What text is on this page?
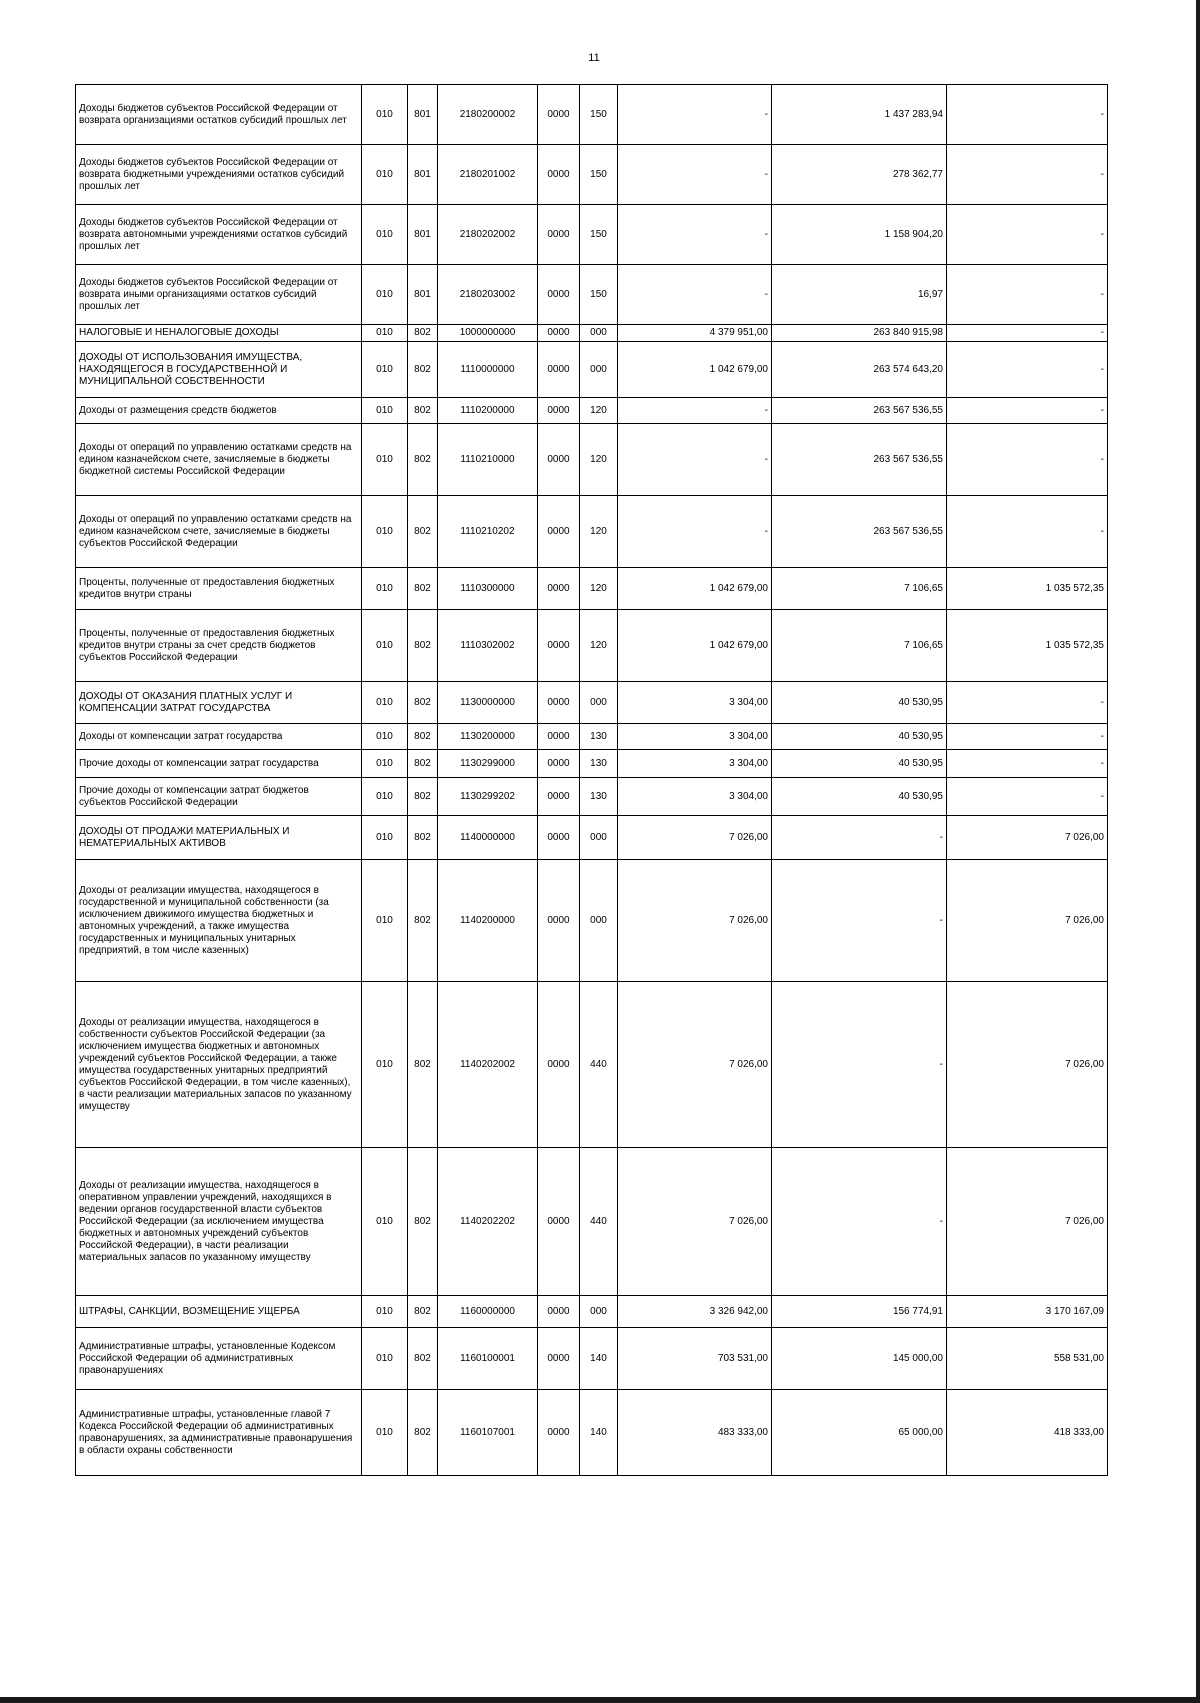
11
Доходы бюджетов субъектов Российской Федерации от возврата организациями остатков субсидий прошлых лет	010	801	2180200002	0000	150	-	1 437 283,94	-
Доходы бюджетов субъектов Российской Федерации от возврата бюджетными учреждениями остатков субсидий прошлых лет	010	801	2180201002	0000	150	-	278 362,77	-
Доходы бюджетов субъектов Российской Федерации от возврата автономными учреждениями остатков субсидий прошлых лет	010	801	2180202002	0000	150	-	1 158 904,20	-
Доходы бюджетов субъектов Российской Федерации от возврата иными организациями остатков субсидий прошлых лет	010	801	2180203002	0000	150	-	16,97	-
НАЛОГОВЫЕ И НЕНАЛОГОВЫЕ ДОХОДЫ	010	802	1000000000	0000	000	4 379 951,00	263 840 915,98	-
ДОХОДЫ ОТ ИСПОЛЬЗОВАНИЯ ИМУЩЕСТВА, НАХОДЯЩЕГОСЯ В ГОСУДАРСТВЕННОЙ И МУНИЦИПАЛЬНОЙ СОБСТВЕННОСТИ	010	802	1110000000	0000	000	1 042 679,00	263 574 643,20	-
Доходы от размещения средств бюджетов	010	802	1110200000	0000	120	-	263 567 536,55	-
Доходы от операций по управлению остатками средств на едином казначейском счете, зачисляемые в бюджеты бюджетной системы Российской Федерации	010	802	1110210000	0000	120	-	263 567 536,55	-
Доходы от операций по управлению остатками средств на едином казначейском счете, зачисляемые в бюджеты субъектов Российской Федерации	010	802	1110210202	0000	120	-	263 567 536,55	-
Проценты, полученные от предоставления бюджетных кредитов внутри страны	010	802	1110300000	0000	120	1 042 679,00	7 106,65	1 035 572,35
Проценты, полученные от предоставления бюджетных кредитов внутри страны за счет средств бюджетов субъектов Российской Федерации	010	802	1110302002	0000	120	1 042 679,00	7 106,65	1 035 572,35
ДОХОДЫ ОТ ОКАЗАНИЯ ПЛАТНЫХ УСЛУГ И КОМПЕНСАЦИИ ЗАТРАТ ГОСУДАРСТВА	010	802	1130000000	0000	000	3 304,00	40 530,95	-
Доходы от компенсации затрат государства	010	802	1130200000	0000	130	3 304,00	40 530,95	-
Прочие доходы от компенсации затрат государства	010	802	1130299000	0000	130	3 304,00	40 530,95	-
Прочие доходы от компенсации затрат бюджетов субъектов Российской Федерации	010	802	1130299202	0000	130	3 304,00	40 530,95	-
ДОХОДЫ ОТ ПРОДАЖИ МАТЕРИАЛЬНЫХ И НЕМАТЕРИАЛЬНЫХ АКТИВОВ	010	802	1140000000	0000	000	7 026,00	-	7 026,00
Доходы от реализации имущества, находящегося в государственной и муниципальной собственности (за исключением движимого имущества бюджетных и автономных учреждений, а также имущества государственных и муниципальных унитарных предприятий, в том числе казенных)	010	802	1140200000	0000	000	7 026,00	-	7 026,00
Доходы от реализации имущества, находящегося в собственности субъектов Российской Федерации (за исключением имущества бюджетных и автономных учреждений субъектов Российской Федерации, а также имущества государственных унитарных предприятий субъектов Российской Федерации, в том числе казенных), в части реализации материальных запасов по указанному имуществу	010	802	1140202002	0000	440	7 026,00	-	7 026,00
Доходы от реализации имущества, находящегося в оперативном управлении учреждений, находящихся в ведении органов государственной власти субъектов Российской Федерации (за исключением имущества бюджетных и автономных учреждений субъектов Российской Федерации), в части реализации материальных запасов по указанному имуществу	010	802	1140202202	0000	440	7 026,00	-	7 026,00
ШТРАФЫ, САНКЦИИ, ВОЗМЕЩЕНИЕ УЩЕРБА	010	802	1160000000	0000	000	3 326 942,00	156 774,91	3 170 167,09
Административные штрафы, установленные Кодексом Российской Федерации об административных правонарушениях	010	802	1160100001	0000	140	703 531,00	145 000,00	558 531,00
Административные штрафы, установленные главой 7 Кодекса Российской Федерации об административных правонарушениях, за административные правонарушения в области охраны собственности	010	802	1160107001	0000	140	483 333,00	65 000,00	418 333,00
